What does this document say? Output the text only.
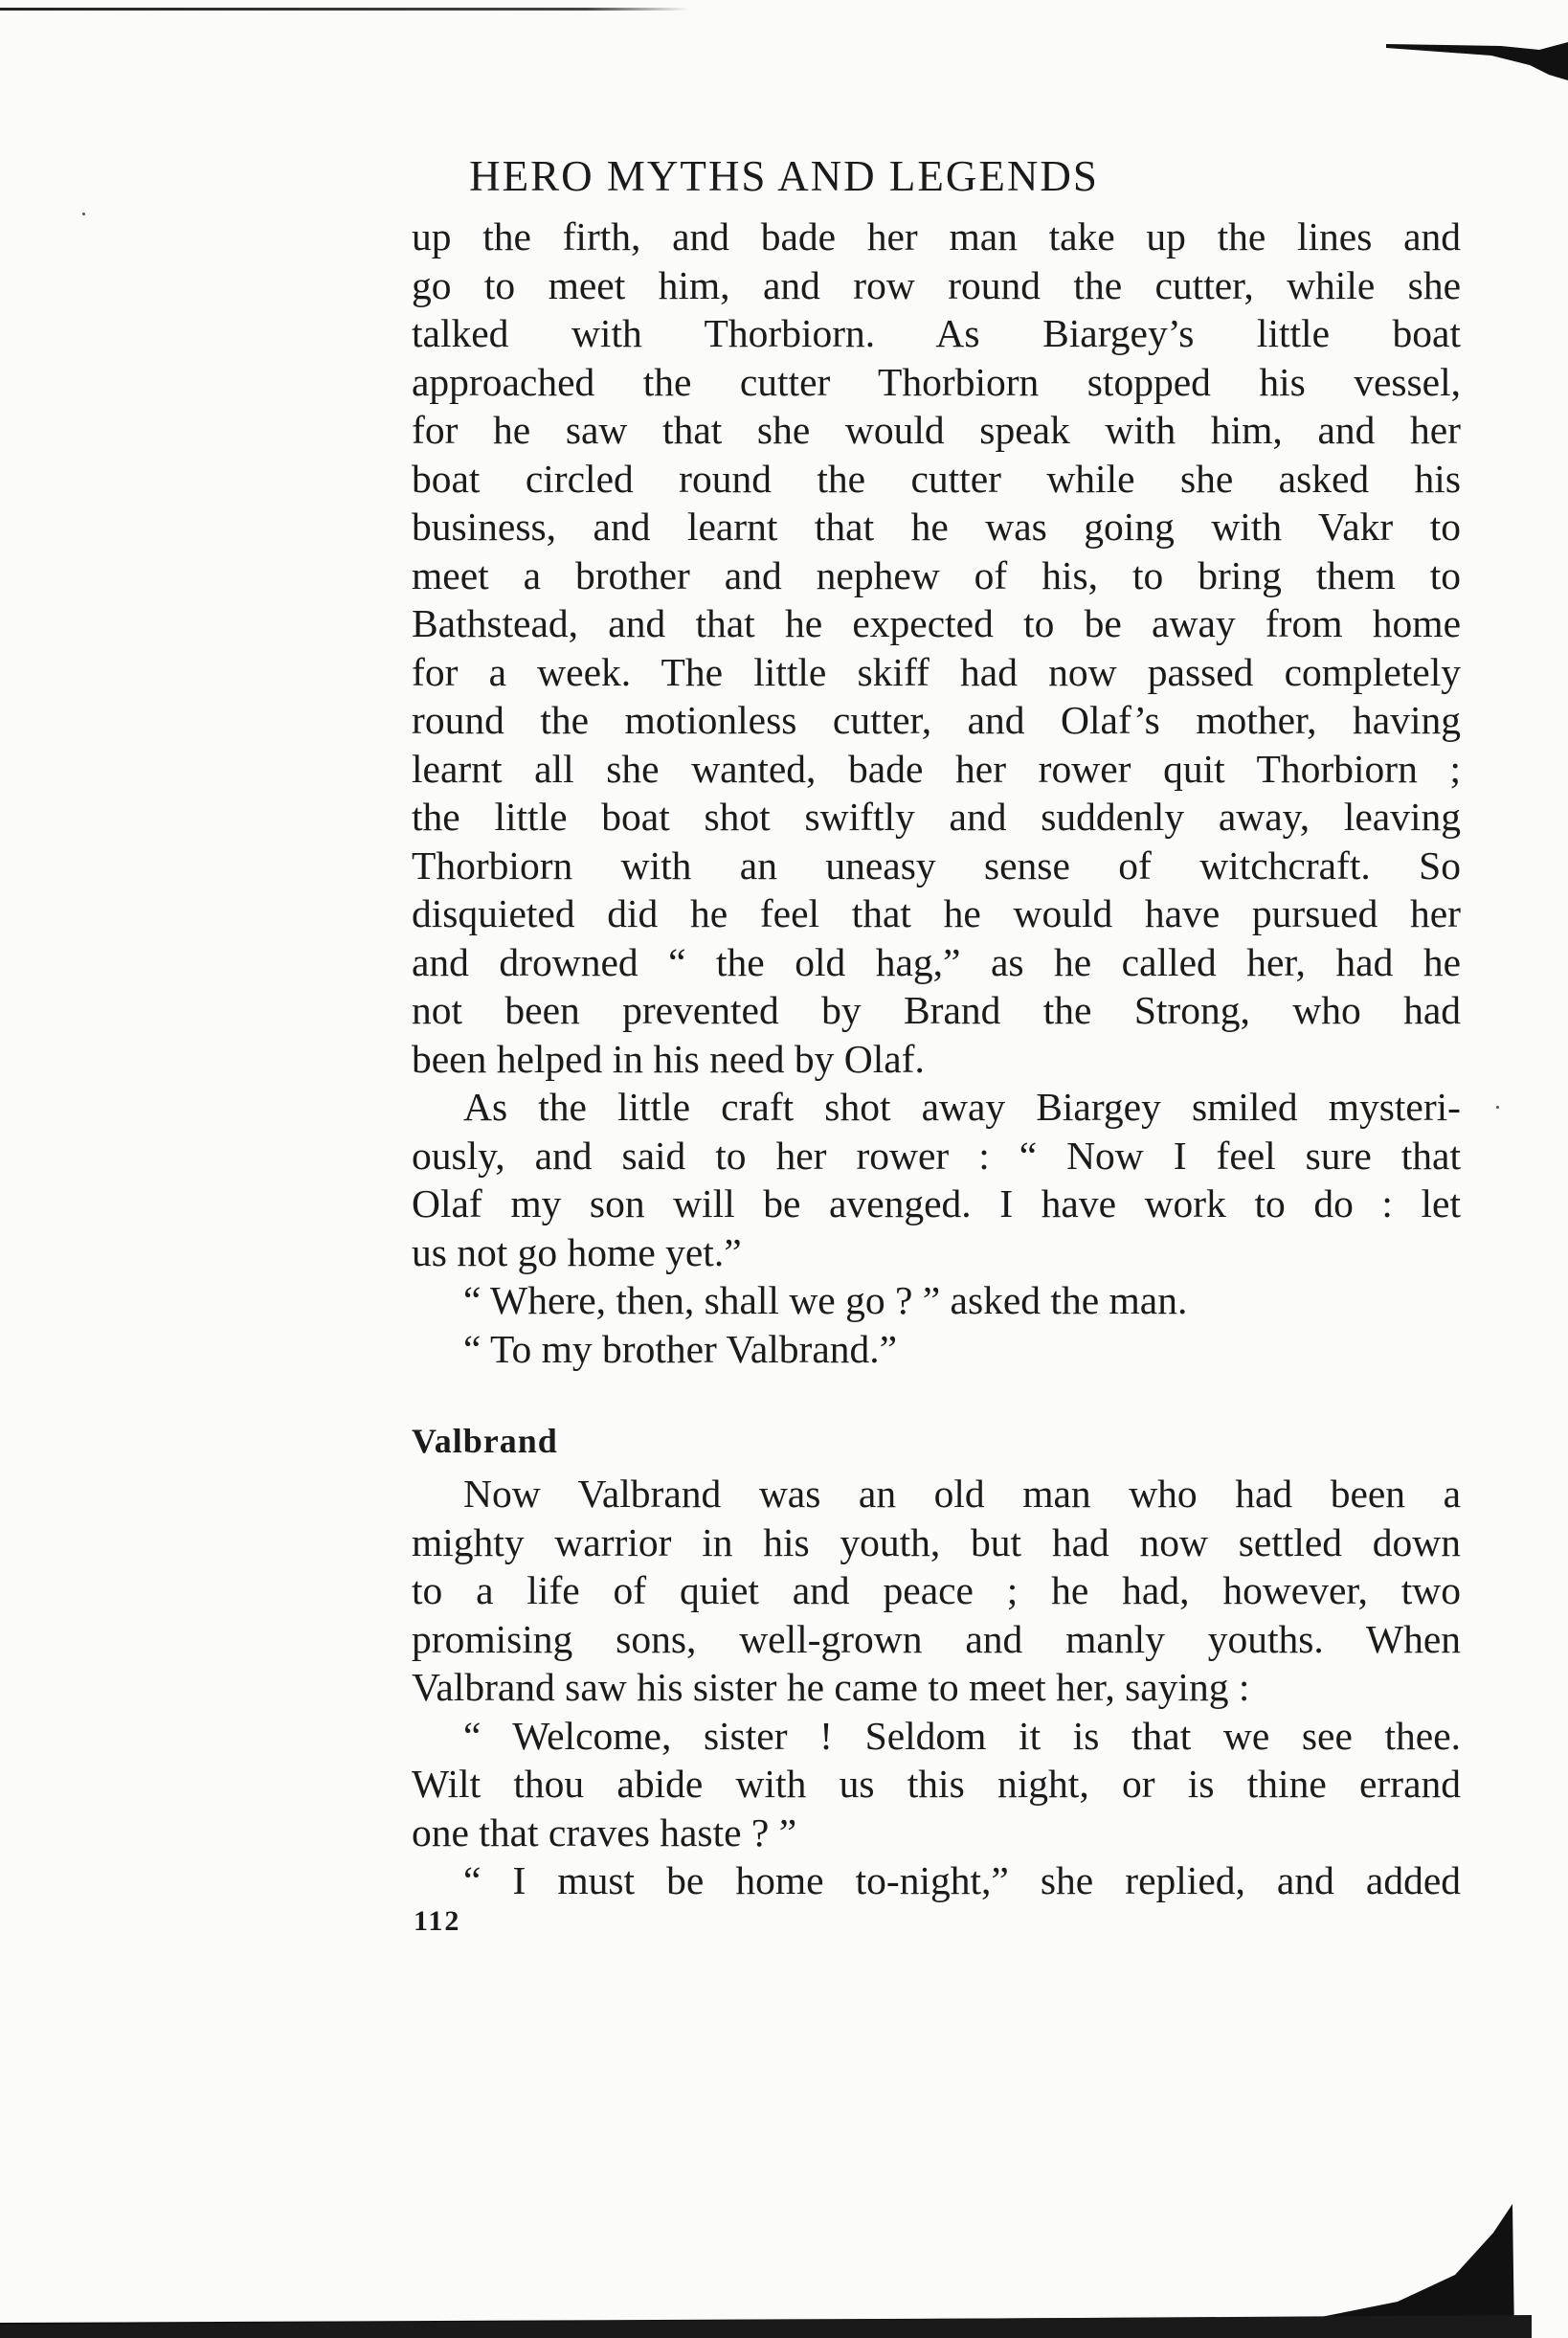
HERO MYTHS AND LEGENDS
up the firth, and bade her man take up the lines and
go to meet him, and row round the cutter, while she
talked with Thorbiorn. As Biargey’s little boat
approached the cutter Thorbiorn stopped his vessel,
for he saw that she would speak with him, and her
boat circled round the cutter while she asked his
business, and learnt that he was going with Vakr to
meet a brother and nephew of his, to bring them to
Bathstead, and that he expected to be away from home
for a week. The little skiff had now passed completely
round the motionless cutter, and Olaf’s mother, having
learnt all she wanted, bade her rower quit Thorbiorn ;
the little boat shot swiftly and suddenly away, leaving
Thorbiorn with an uneasy sense of witchcraft. So
disquieted did he feel that he would have pursued her
and drowned “ the old hag,” as he called her, had he
not been prevented by Brand the Strong, who had
been helped in his need by Olaf.
As the little craft shot away Biargey smiled mysteri-
ously, and said to her rower : “ Now I feel sure that
Olaf my son will be avenged. I have work to do : let
us not go home yet.”
“ Where, then, shall we go ? ” asked the man.
“ To my brother Valbrand.”
Valbrand
Now Valbrand was an old man who had been a
mighty warrior in his youth, but had now settled down
to a life of quiet and peace ; he had, however, two
promising sons, well-grown and manly youths. When
Valbrand saw his sister he came to meet her, saying :
“ Welcome, sister ! Seldom it is that we see thee.
Wilt thou abide with us this night, or is thine errand
one that craves haste ? ”
“ I must be home to-night,” she replied, and added
112
